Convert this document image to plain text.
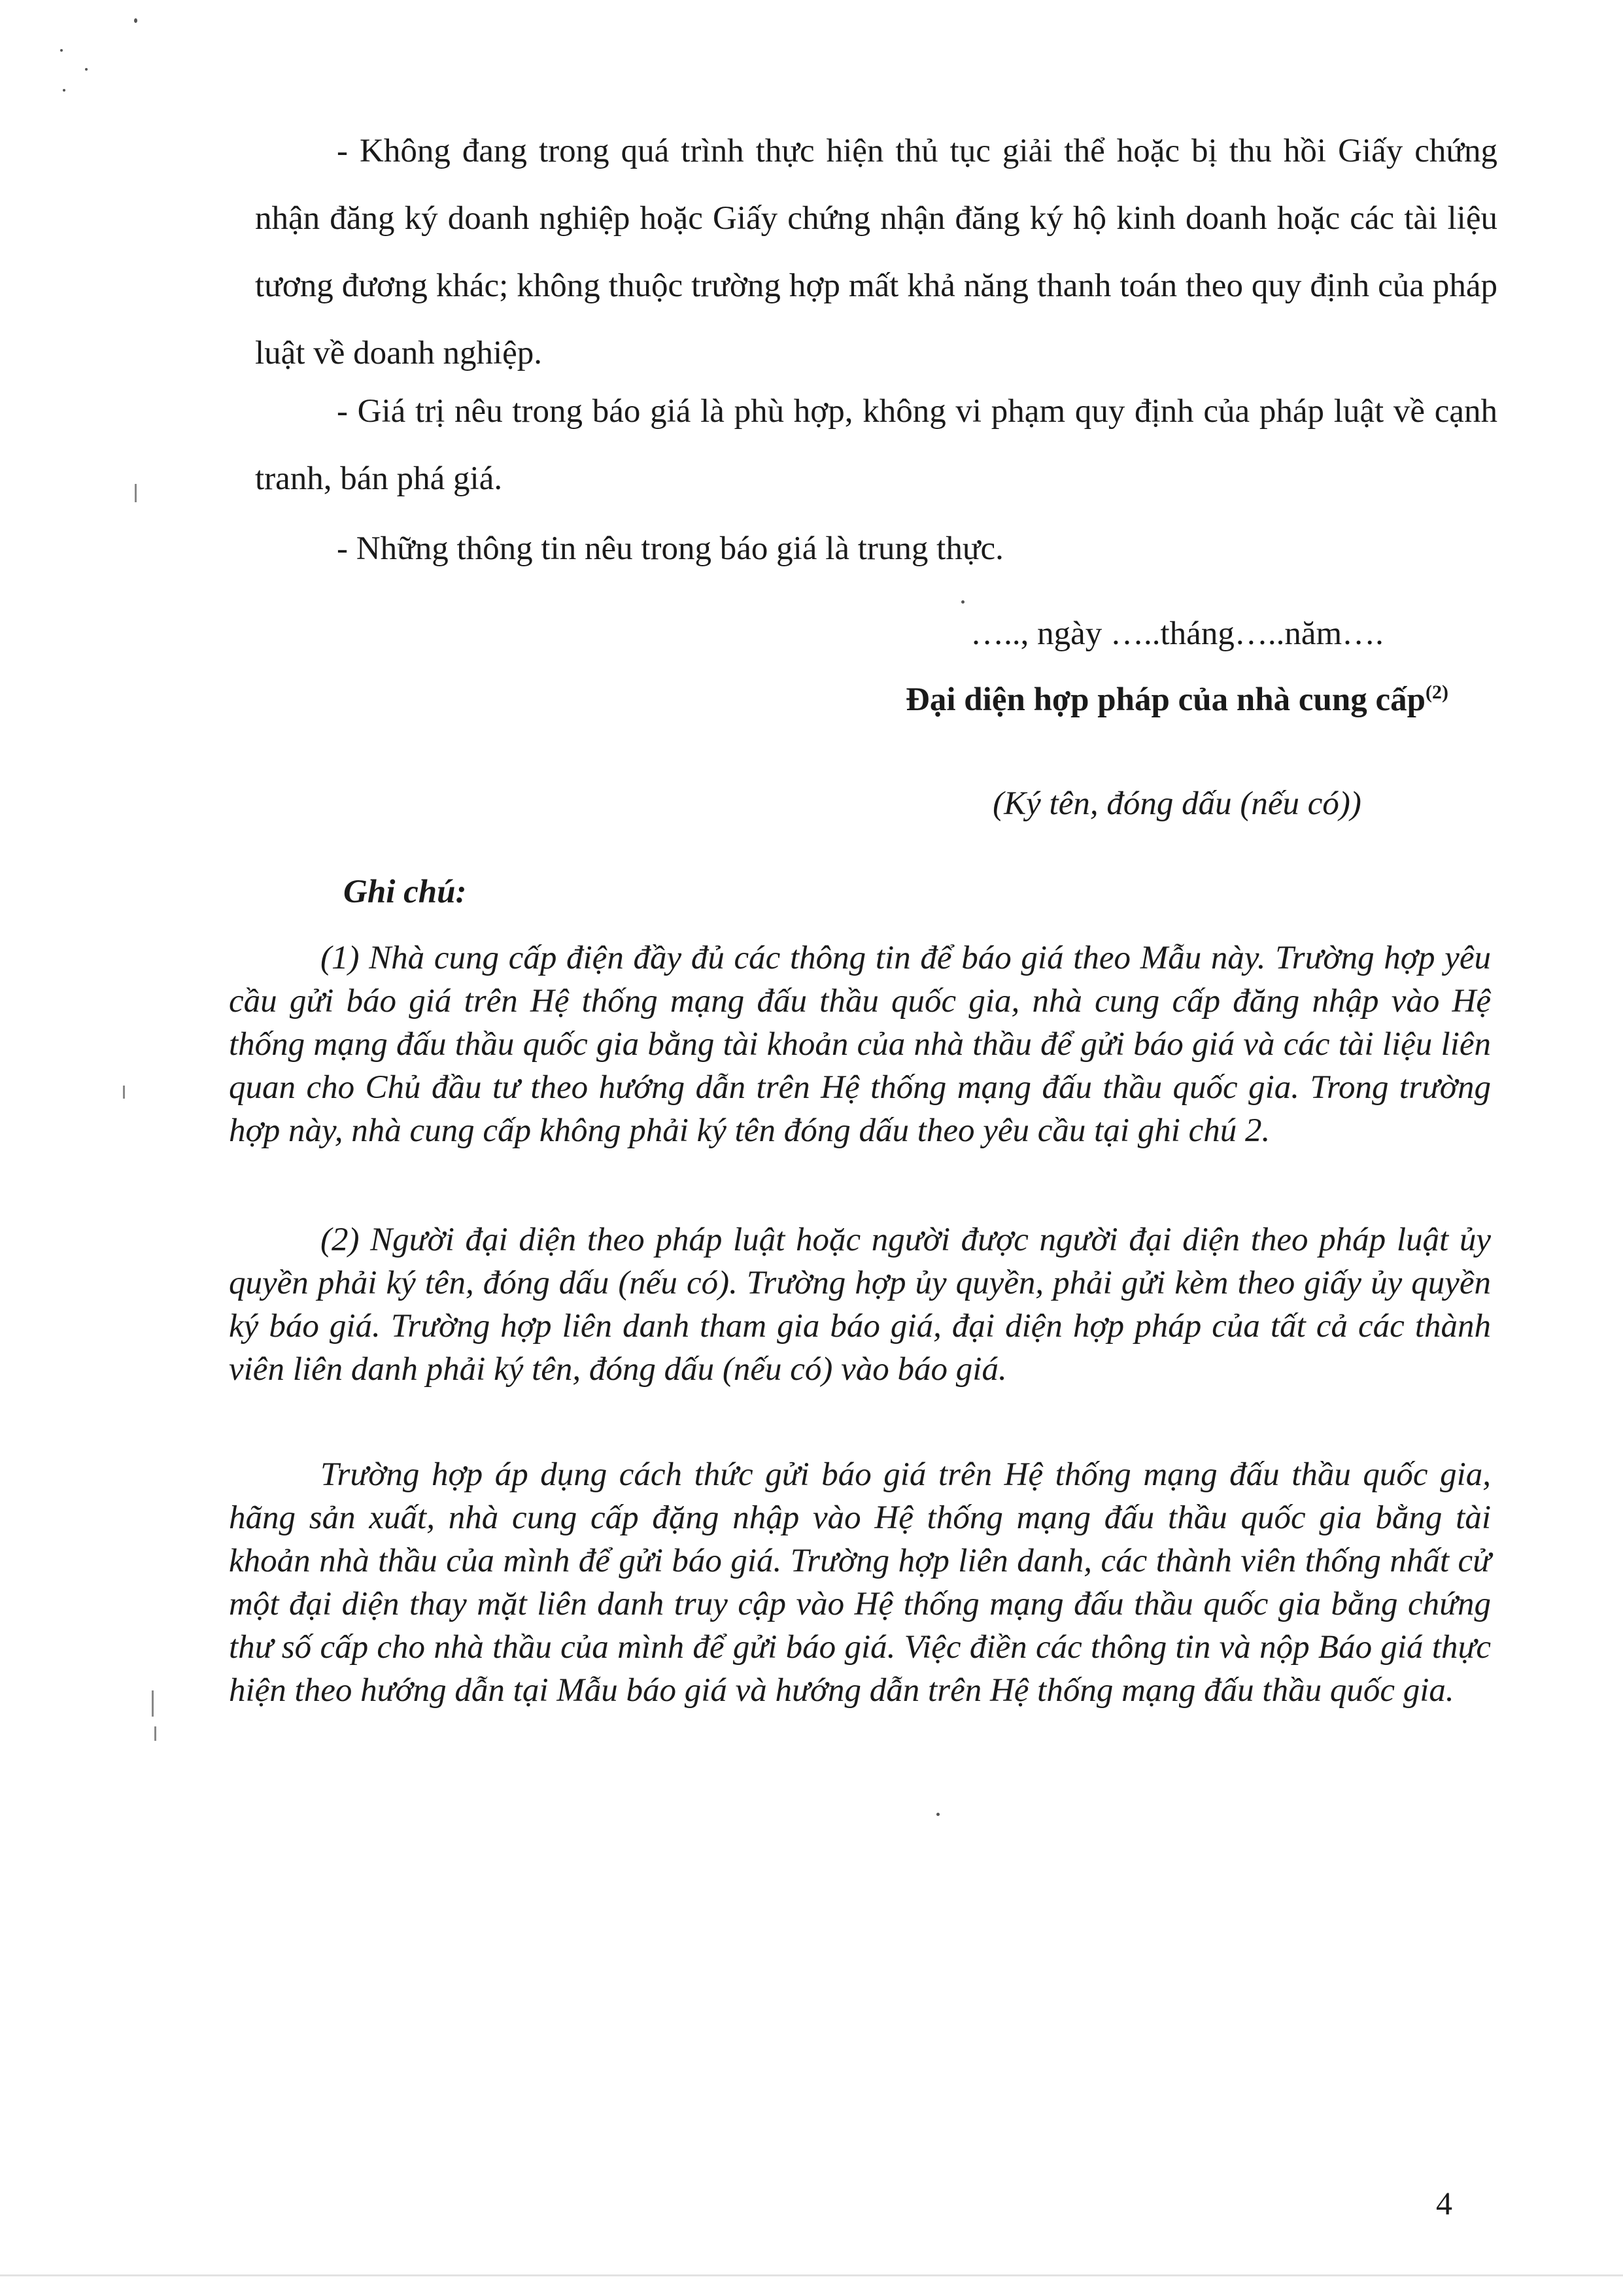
- Không đang trong quá trình thực hiện thủ tục giải thể hoặc bị thu hồi Giấy chứng nhận đăng ký doanh nghiệp hoặc Giấy chứng nhận đăng ký hộ kinh doanh hoặc các tài liệu tương đương khác; không thuộc trường hợp mất khả năng thanh toán theo quy định của pháp luật về doanh nghiệp.

- Giá trị nêu trong báo giá là phù hợp, không vi phạm quy định của pháp luật về cạnh tranh, bán phá giá.

- Những thông tin nêu trong báo giá là trung thực.

….., ngày …..tháng…..năm….
Đại diện hợp pháp của nhà cung cấp$^{(2)}$
(Ký tên, đóng dấu (nếu có))
Ghi chú:

(1) Nhà cung cấp điện đầy đủ các thông tin để báo giá theo Mẫu này. Trường hợp yêu cầu gửi báo giá trên Hệ thống mạng đấu thầu quốc gia, nhà cung cấp đăng nhập vào Hệ thống mạng đấu thầu quốc gia bằng tài khoản của nhà thầu để gửi báo giá và các tài liệu liên quan cho Chủ đầu tư theo hướng dẫn trên Hệ thống mạng đấu thầu quốc gia. Trong trường hợp này, nhà cung cấp không phải ký tên đóng dấu theo yêu cầu tại ghi chú 2.

(2) Người đại diện theo pháp luật hoặc người được người đại diện theo pháp luật ủy quyền phải ký tên, đóng dấu (nếu có). Trường hợp ủy quyền, phải gửi kèm theo giấy ủy quyền ký báo giá. Trường hợp liên danh tham gia báo giá, đại diện hợp pháp của tất cả các thành viên liên danh phải ký tên, đóng dấu (nếu có) vào báo giá.

Trường hợp áp dụng cách thức gửi báo giá trên Hệ thống mạng đấu thầu quốc gia, hãng sản xuất, nhà cung cấp đặng nhập vào Hệ thống mạng đấu thầu quốc gia bằng tài khoản nhà thầu của mình để gửi báo giá. Trường hợp liên danh, các thành viên thống nhất cử một đại diện thay mặt liên danh truy cập vào Hệ thống mạng đấu thầu quốc gia bằng chứng thư số cấp cho nhà thầu của mình để gửi báo giá. Việc điền các thông tin và nộp Báo giá thực hiện theo hướng dẫn tại Mẫu báo giá và hướng dẫn trên Hệ thống mạng đấu thầu quốc gia.

4
